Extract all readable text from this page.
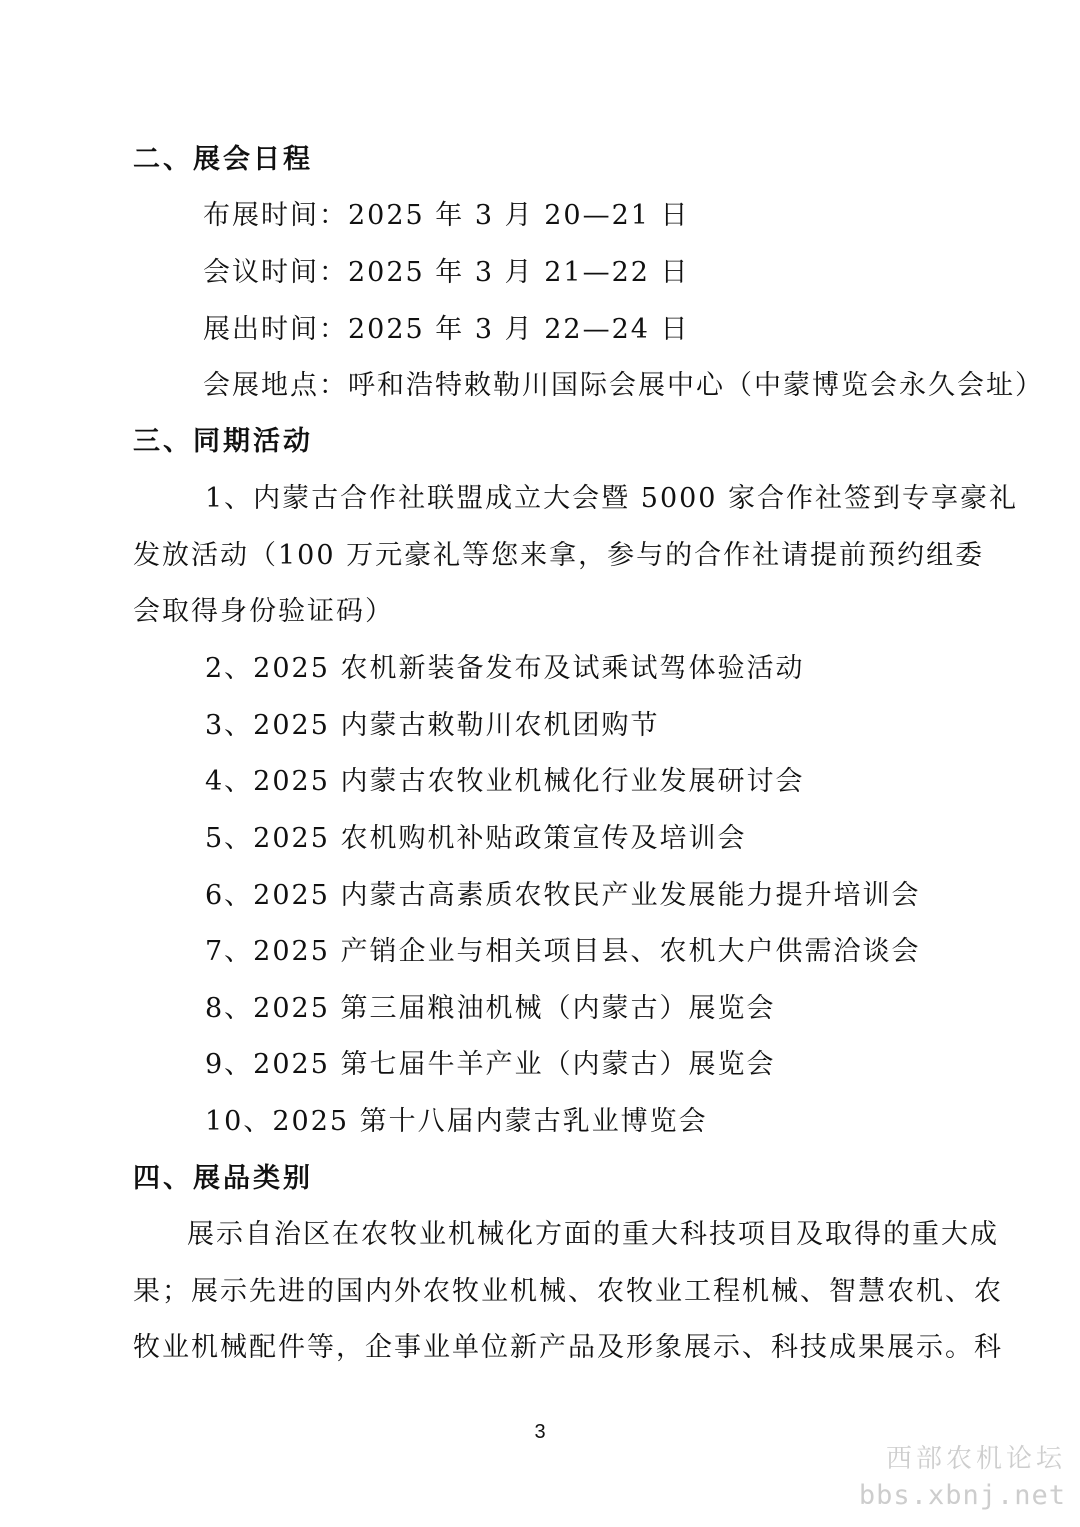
二、展会日程
布展时间：2025 年 3 月 20—21 日
会议时间：2025 年 3 月 21—22 日
展出时间：2025 年 3 月 22—24 日
会展地点：呼和浩特敕勒川国际会展中心（中蒙博览会永久会址）
三、同期活动
1、内蒙古合作社联盟成立大会暨 5000 家合作社签到专享豪礼
发放活动（100 万元豪礼等您来拿，参与的合作社请提前预约组委
会取得身份验证码）
2、2025 农机新装备发布及试乘试驾体验活动
3、2025 内蒙古敕勒川农机团购节
4、2025 内蒙古农牧业机械化行业发展研讨会
5、2025 农机购机补贴政策宣传及培训会
6、2025 内蒙古高素质农牧民产业发展能力提升培训会
7、2025 产销企业与相关项目县、农机大户供需洽谈会
8、2025 第三届粮油机械（内蒙古）展览会
9、2025 第七届牛羊产业（内蒙古）展览会
10、2025 第十八届内蒙古乳业博览会
四、展品类别
展示自治区在农牧业机械化方面的重大科技项目及取得的重大成
果；展示先进的国内外农牧业机械、农牧业工程机械、智慧农机、农
牧业机械配件等，企事业单位新产品及形象展示、科技成果展示。科
3
西部农机论坛
bbs.xbnj.net
